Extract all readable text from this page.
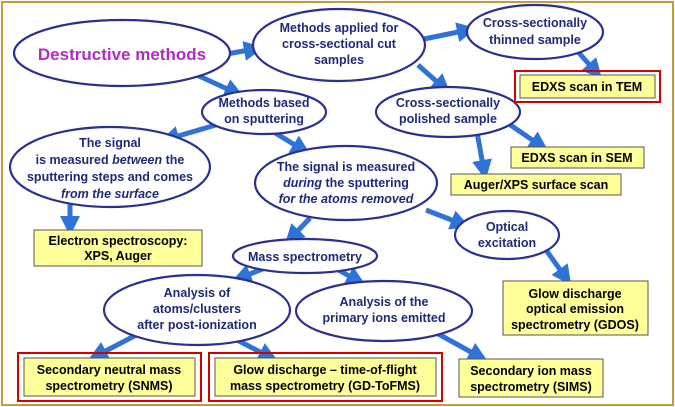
Destructive methods
Methods applied for
cross-sectional cut
samples
Cross-sectionally
thinned sample
Methods based
on sputtering
Cross-sectionally
polished sample
The signal
is measured between the
sputtering steps and comes
from the surface
The signal is measured
during the sputtering
for the atoms removed
Optical
excitation
Mass spectrometry
Analysis of
atoms/clusters
after post-ionization
Analysis of the
primary ions emitted
EDXS scan in TEM
EDXS scan in SEM
Auger/XPS surface scan
Electron spectroscopy:
XPS, Auger
Glow discharge
optical emission
spectrometry (GDOS)
Secondary neutral mass
spectrometry (SNMS)
Glow discharge – time-of-flight
mass spectrometry (GD-ToFMS)
Secondary ion mass
spectrometry (SIMS)
